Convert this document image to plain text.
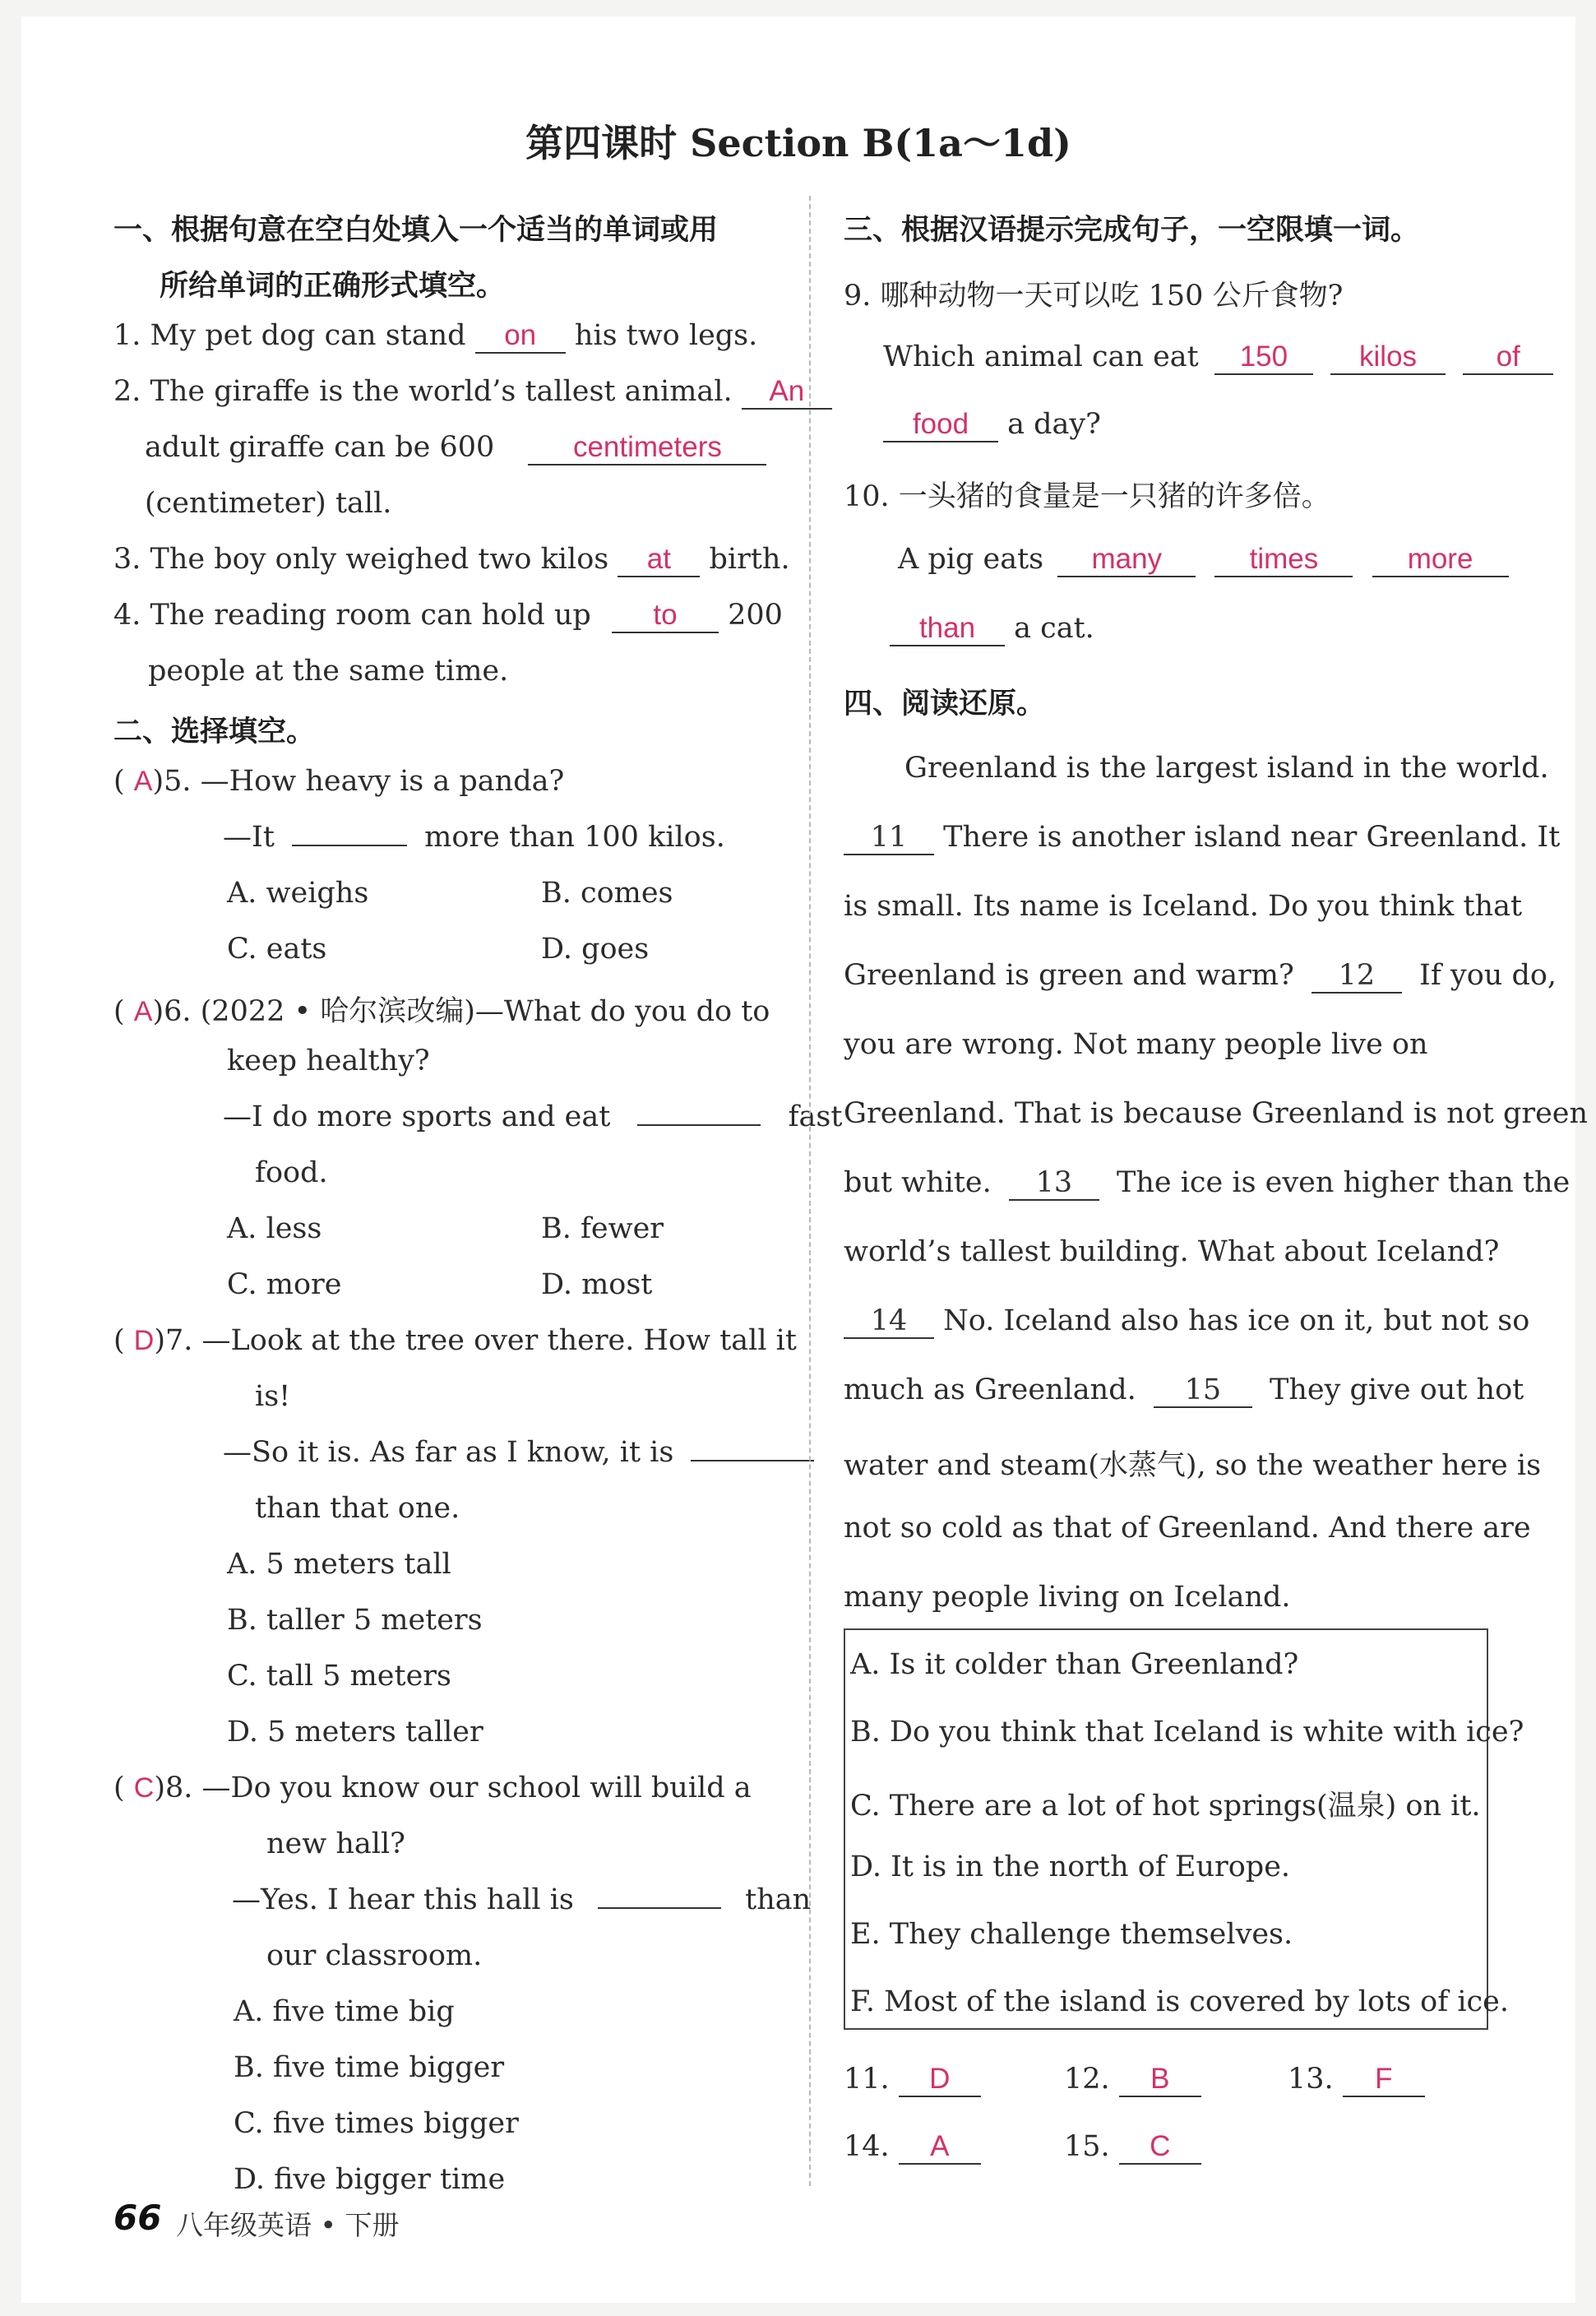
第四课时 Section B(1a～1d)
一、根据句意在空白处填入一个适当的单词或用
所给单词的正确形式填空。
1. My pet dog can stand on his two legs.
2. The giraffe is the world’s tallest animal. An
adult giraffe can be 600	centimeters
(centimeter) tall.
3. The boy only weighed two kilos at birth.
4. The reading room can hold up to 200
people at the same time.
二、选择填空。
( A)5. —How heavy is a panda?
—It	more than 100 kilos.
A. weighs	B. comes
C. eats	D. goes
( A)6. (2022 • 哈尔滨改编)—What do you do to
keep healthy?
—I do more sports and eat	fast
food.
A. less	B. fewer
C. more	D. most
( D)7. —Look at the tree over there. How tall it
is!
—So it is. As far as I know, it is
than that one.
A. 5 meters tall
B. taller 5 meters
C. tall 5 meters
D. 5 meters taller
( C)8. —Do you know our school will build a
new hall?
—Yes. I hear this hall is	than
our classroom.
A. five time big
B. five time bigger
C. five times bigger
D. five bigger time
三、根据汉语提示完成句子，一空限填一词。
9. 哪种动物一天可以吃 150 公斤食物?
Which animal can eat 150 kilos	of
food a day?
10. 一头猪的食量是一只猪的许多倍。
A pig eats many	times	more
than a cat.
四、阅读还原。
Greenland is the largest island in the world.
11 There is another island near Greenland. It
is small. Its name is Iceland. Do you think that
Greenland is green and warm? 12 If you do,
you are wrong. Not many people live on
Greenland. That is because Greenland is not green
but white. 13 The ice is even higher than the
world’s tallest building. What about Iceland?
14 No. Iceland also has ice on it, but not so
much as Greenland. 15 They give out hot
water and steam(水蒸气), so the weather here is
not so cold as that of Greenland. And there are
many people living on Iceland.
A. Is it colder than Greenland?
B. Do you think that Iceland is white with ice?
C. There are a lot of hot springs(温泉) on it.
D. It is in the north of Europe.
E. They challenge themselves.
F. Most of the island is covered by lots of ice.
11. D	12. B	13. F
14. A	15. C
66 八年级英语 • 下册
